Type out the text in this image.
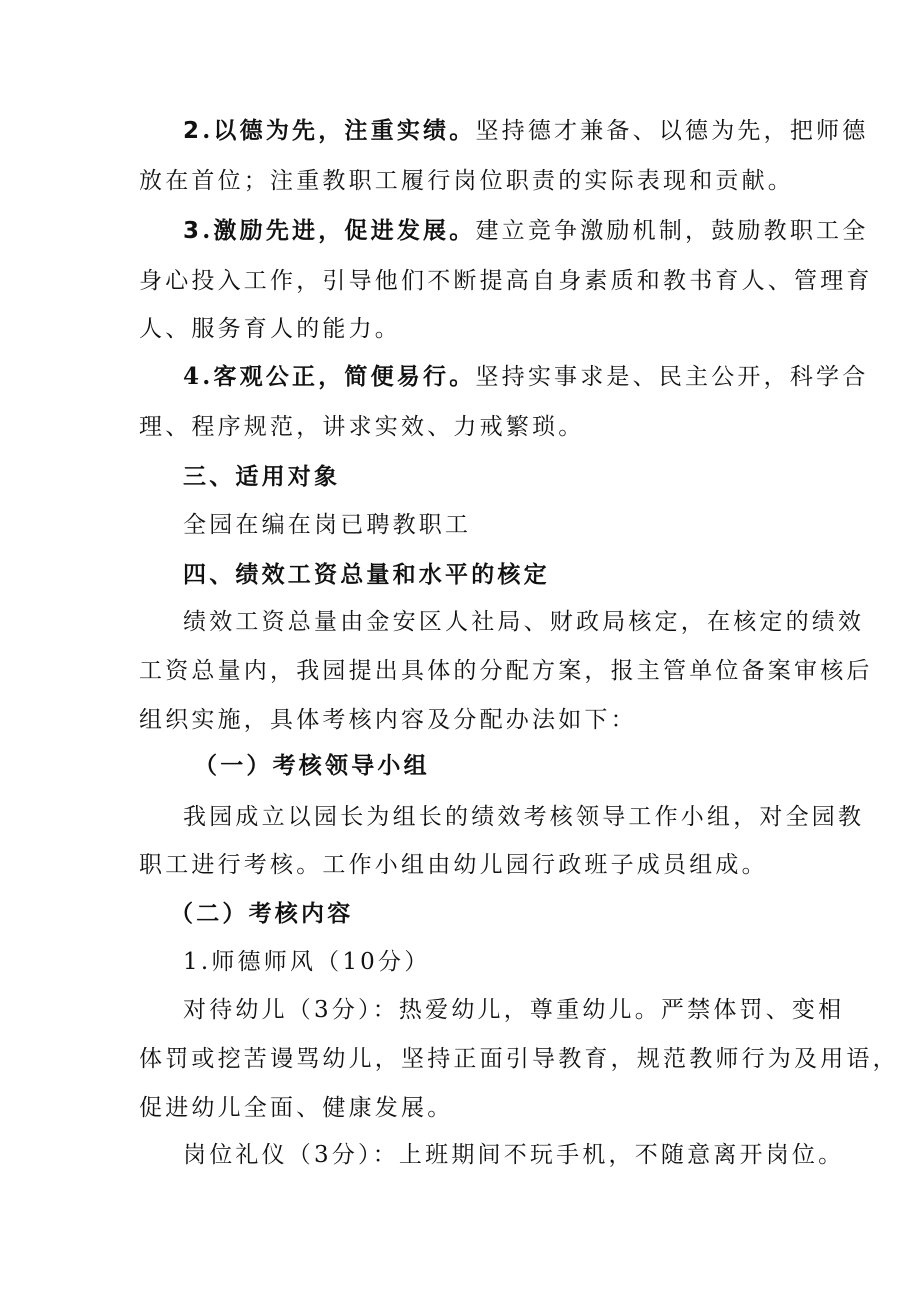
2.以德为先，注重实绩。坚持德才兼备、以德为先，把师德
放在首位；注重教职工履行岗位职责的实际表现和贡献。
3.激励先进，促进发展。建立竞争激励机制，鼓励教职工全
身心投入工作，引导他们不断提高自身素质和教书育人、管理育
人、服务育人的能力。
4.客观公正，简便易行。坚持实事求是、民主公开，科学合
理、程序规范，讲求实效、力戒繁琐。
三、适用对象
全园在编在岗已聘教职工
四、绩效工资总量和水平的核定
绩效工资总量由金安区人社局、财政局核定，在核定的绩效
工资总量内，我园提出具体的分配方案，报主管单位备案审核后
组织实施，具体考核内容及分配办法如下：
（一）考核领导小组
我园成立以园长为组长的绩效考核领导工作小组，对全园教
职工进行考核。工作小组由幼儿园行政班子成员组成。
（二）考核内容
1.师德师风（10分）
对待幼儿（3分）：热爱幼儿，尊重幼儿。严禁体罚、变相
体罚或挖苦谩骂幼儿，坚持正面引导教育，规范教师行为及用语，
促进幼儿全面、健康发展。
岗位礼仪（3分）：上班期间不玩手机，不随意离开岗位。
